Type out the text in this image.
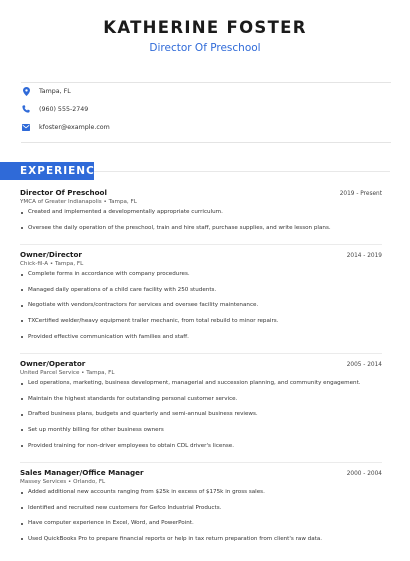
KATHERINE FOSTER
Director Of Preschool
Tampa, FL
(960) 555-2749
kfoster@example.com
EXPERIENCE
Director Of Preschool	2019 - Present
YMCA of Greater Indianapolis • Tampa, FL
Created and implemented a developmentally appropriate curriculum.
Oversee the daily operation of the preschool, train and hire staff, purchase supplies, and write lesson plans.
Owner/Director	2014 - 2019
Chick-fil-A • Tampa, FL
Complete forms in accordance with company procedures.
Managed daily operations of a child care facility with 250 students.
Negotiate with vendors/contractors for services and oversee facility maintenance.
TXCertified welder/heavy equipment trailer mechanic, from total rebuild to minor repairs.
Provided effective communication with families and staff.
Owner/Operator	2005 - 2014
United Parcel Service • Tampa, FL
Led operations, marketing, business development, managerial and succession planning, and community engagement.
Maintain the highest standards for outstanding personal customer service.
Drafted business plans, budgets and quarterly and semi-annual business reviews.
Set up monthly billing for other business owners
Provided training for non-driver employees to obtain CDL driver's license.
Sales Manager/Office Manager	2000 - 2004
Massey Services • Orlando, FL
Added additional new accounts ranging from $25k in excess of $175k in gross sales.
Identified and recruited new customers for Gefco Industrial Products.
Have computer experience in Excel, Word, and PowerPoint.
Used QuickBooks Pro to prepare financial reports or help in tax return preparation from client's raw data.
